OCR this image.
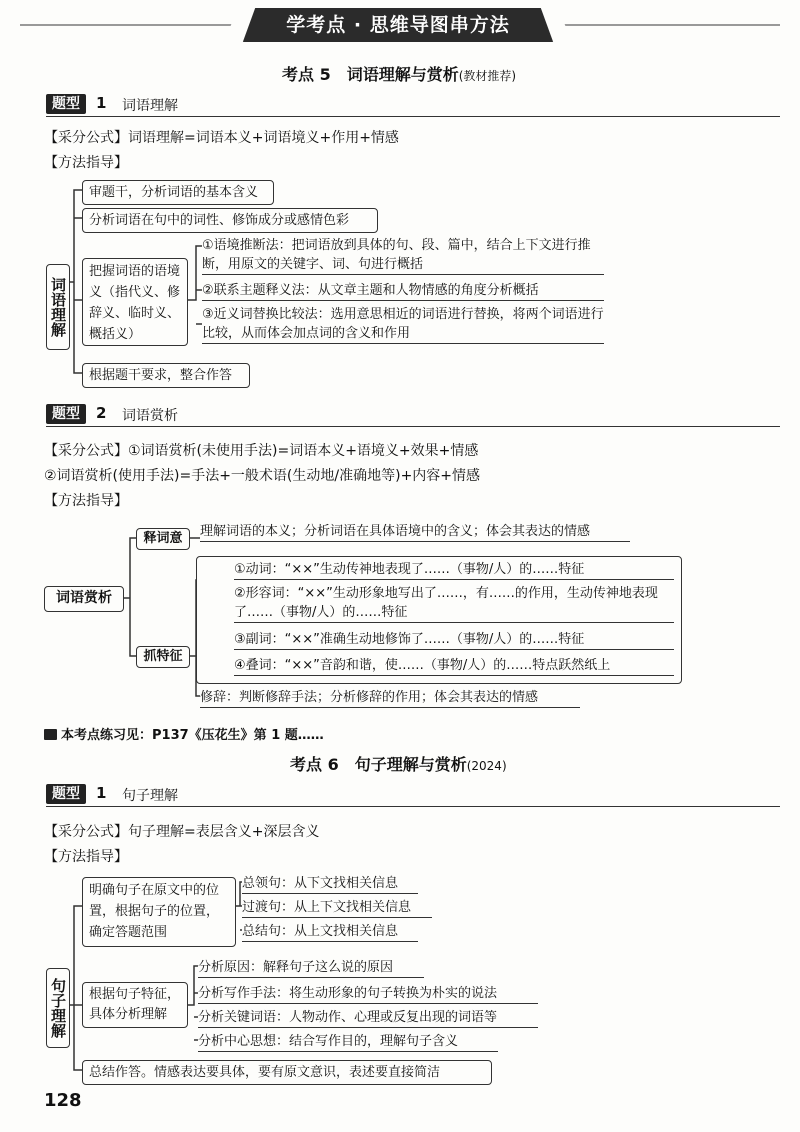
学考点 · 思维导图串方法
考点 5　词语理解与赏析(教材推荐)
题型	1 词语理解
【采分公式】词语理解=词语本义+词语境义+作用+情感
【方法指导】
词语理解
审题干，分析词语的基本含义
分析词语在句中的词性、修饰成分或感情色彩
把握词语的语境义（指代义、修辞义、临时义、概括义）
①语境推断法：把词语放到具体的句、段、篇中，结合上下文进行推断，用原文的关键字、词、句进行概括
②联系主题释义法：从文章主题和人物情感的角度分析概括
③近义词替换比较法：选用意思相近的词语进行替换，将两个词语进行比较，从而体会加点词的含义和作用
根据题干要求，整合作答
题型	2 词语赏析
【采分公式】①词语赏析(未使用手法)=词语本义+语境义+效果+情感
②词语赏析(使用手法)=手法+一般术语(生动地/准确地等)+内容+情感
【方法指导】
词语赏析
释词意	理解词语的本义；分析词语在具体语境中的含义；体会其表达的情感
抓特征
①动词：“××”生动传神地表现了……（事物/人）的……特征
②形容词：“××”生动形象地写出了……，有……的作用，生动传神地表现了……（事物/人）的……特征
③副词：“××”准确生动地修饰了……（事物/人）的……特征
④叠词：“××”音韵和谐，使……（事物/人）的……特点跃然纸上
修辞：判断修辞手法；分析修辞的作用；体会其表达的情感
本考点练习见：P137《压花生》第 1 题……
考点 6　句子理解与赏析(2024)
题型	1 句子理解
【采分公式】句子理解=表层含义+深层含义
【方法指导】
句子理解
明确句子在原文中的位置，根据句子的位置，确定答题范围
总领句：从下文找相关信息
过渡句：从上下文找相关信息
总结句：从上文找相关信息
根据句子特征，具体分析理解
分析原因：解释句子这么说的原因
分析写作手法：将生动形象的句子转换为朴实的说法
分析关键词语：人物动作、心理或反复出现的词语等
分析中心思想：结合写作目的，理解句子含义
总结作答。情感表达要具体，要有原文意识，表述要直接简洁
128
